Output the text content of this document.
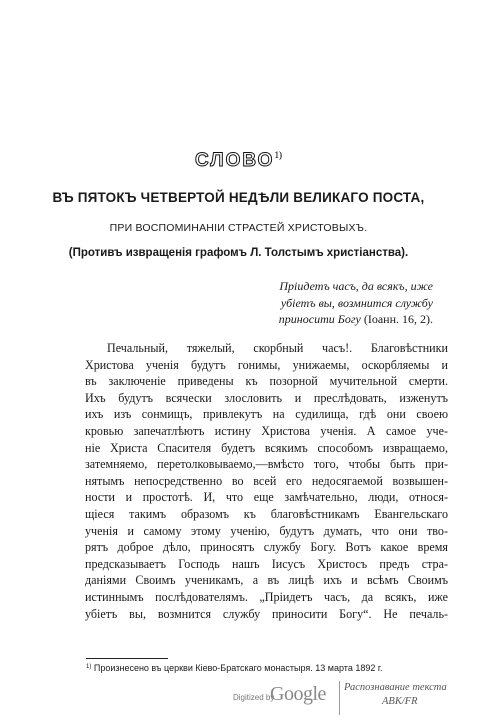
СЛОВО$^{1)}$
ВЪ ПЯТОКЪ ЧЕТВЕРТОЙ НЕДѢЛИ ВЕЛИКАГО ПОСТА,
ПРИ ВОСПОМИНАНІИ СТРАСТЕЙ ХРИСТОВЫХЪ.
(Противъ извращенія графомъ Л. Толстымъ христіанства).
Пріидетъ часъ, да всякъ, иже
убіетъ вы, возмнится службу
приносити Богу (Іоанн. 16, 2).
Печальный, тяжелый, скорбный часъ!. Благовѣстники
Христова ученія будутъ гонимы, унижаемы, оскорбляемы и
въ заключеніе приведены къ позорной мучительной смерти.
Ихъ будутъ всячески злословить и преслѣдовать, изженутъ
ихъ изъ сонмищъ, привлекутъ на судилища, гдѣ они своею
кровью запечатлѣютъ истину Христова ученія. А самое уче-
ніе Христа Спасителя будетъ всякимъ способомъ извращаемо,
затемняемо, перетолковываемо,—вмѣсто того, чтобы быть при-
нятымъ непосредственно во всей его недосягаемой возвышен-
ности и простотѣ. И, что еще замѣчательно, люди, относя-
щіеся такимъ образомъ къ благовѣстникамъ Евангельскаго
ученія и самому этому ученію, будутъ думать, что они тво-
рятъ доброе дѣло, приносятъ службу Богу. Вотъ какое время
предсказываетъ Господь нашъ Іисусъ Христосъ предъ стра-
даніями Своимъ ученикамъ, а въ лицѣ ихъ и всѣмъ Своимъ
истиннымъ послѣдователямъ. „Пріидетъ часъ, да всякъ, иже
убіетъ вы, возмнится службу приносити Богу“. Не печаль-
$^{1)}$ Произнесено въ церкви Кіево-Братскаго монастыря. 13 марта 1892 г.
Digitized by
Google Распознавание текста
ABK/FR
